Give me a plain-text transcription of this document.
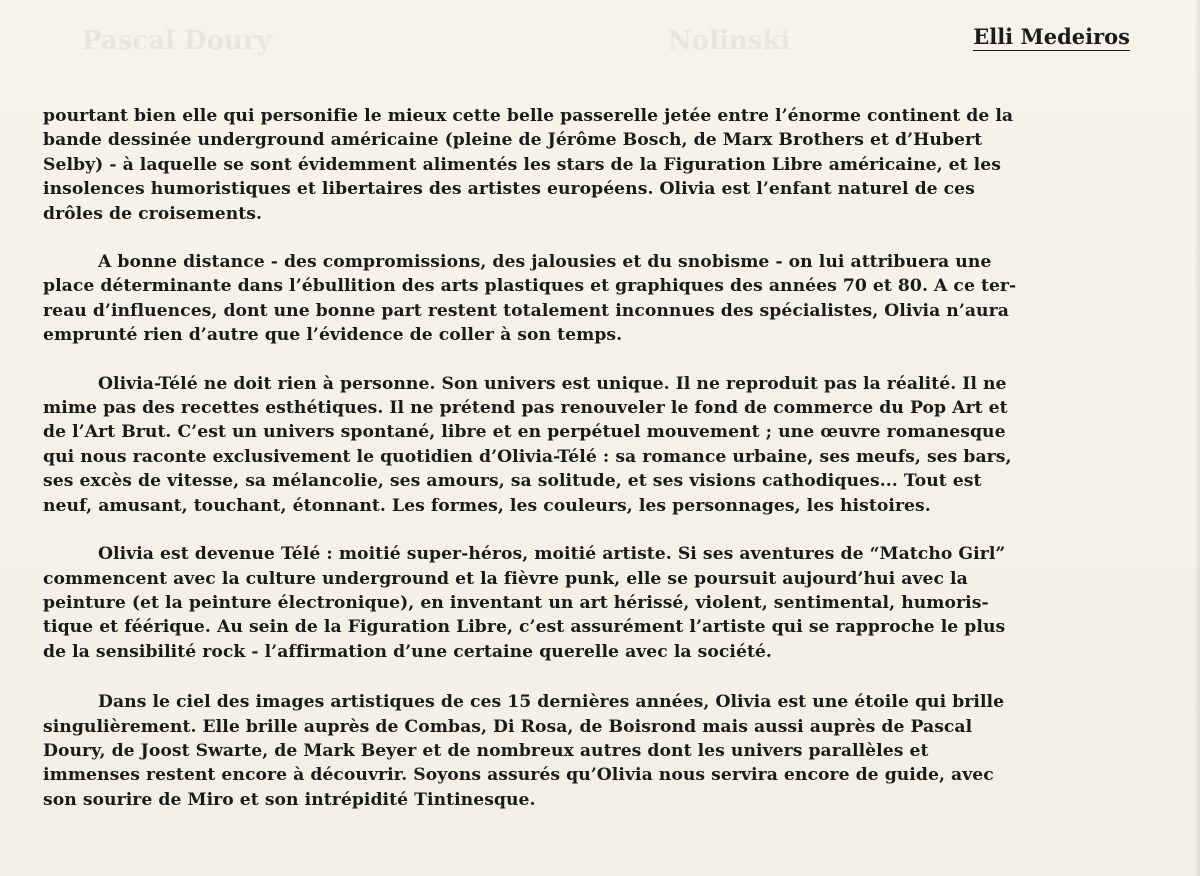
Pascal Doury	Nolinski	Elli Medeiros

pourtant bien elle qui personifie le mieux cette belle passerelle jetée entre l’énorme continent de la
bande dessinée underground américaine (pleine de Jérôme Bosch, de Marx Brothers et d’Hubert
Selby) - à laquelle se sont évidemment alimentés les stars de la Figuration Libre américaine, et les
insolences humoristiques et libertaires des artistes européens. Olivia est l’enfant naturel de ces
drôles de croisements.

A bonne distance - des compromissions, des jalousies et du snobisme - on lui attribuera une
place déterminante dans l’ébullition des arts plastiques et graphiques des années 70 et 80. A ce ter-
reau d’influences, dont une bonne part restent totalement inconnues des spécialistes, Olivia n’aura
emprunté rien d’autre que l’évidence de coller à son temps.

Olivia-Télé ne doit rien à personne. Son univers est unique. Il ne reproduit pas la réalité. Il ne
mime pas des recettes esthétiques. Il ne prétend pas renouveler le fond de commerce du Pop Art et
de l’Art Brut. C’est un univers spontané, libre et en perpétuel mouvement ; une œuvre romanesque
qui nous raconte exclusivement le quotidien d’Olivia-Télé : sa romance urbaine, ses meufs, ses bars,
ses excès de vitesse, sa mélancolie, ses amours, sa solitude, et ses visions cathodiques... Tout est
neuf, amusant, touchant, étonnant. Les formes, les couleurs, les personnages, les histoires.

Olivia est devenue Télé : moitié super-héros, moitié artiste. Si ses aventures de “Matcho Girl”
commencent avec la culture underground et la fièvre punk, elle se poursuit aujourd’hui avec la
peinture (et la peinture électronique), en inventant un art hérissé, violent, sentimental, humoris-
tique et féérique. Au sein de la Figuration Libre, c’est assurément l’artiste qui se rapproche le plus
de la sensibilité rock - l’affirmation d’une certaine querelle avec la société.

Dans le ciel des images artistiques de ces 15 dernières années, Olivia est une étoile qui brille
singulièrement. Elle brille auprès de Combas, Di Rosa, de Boisrond mais aussi auprès de Pascal
Doury, de Joost Swarte, de Mark Beyer et de nombreux autres dont les univers parallèles et
immenses restent encore à découvrir. Soyons assurés qu’Olivia nous servira encore de guide, avec
son sourire de Miro et son intrépidité Tintinesque.
